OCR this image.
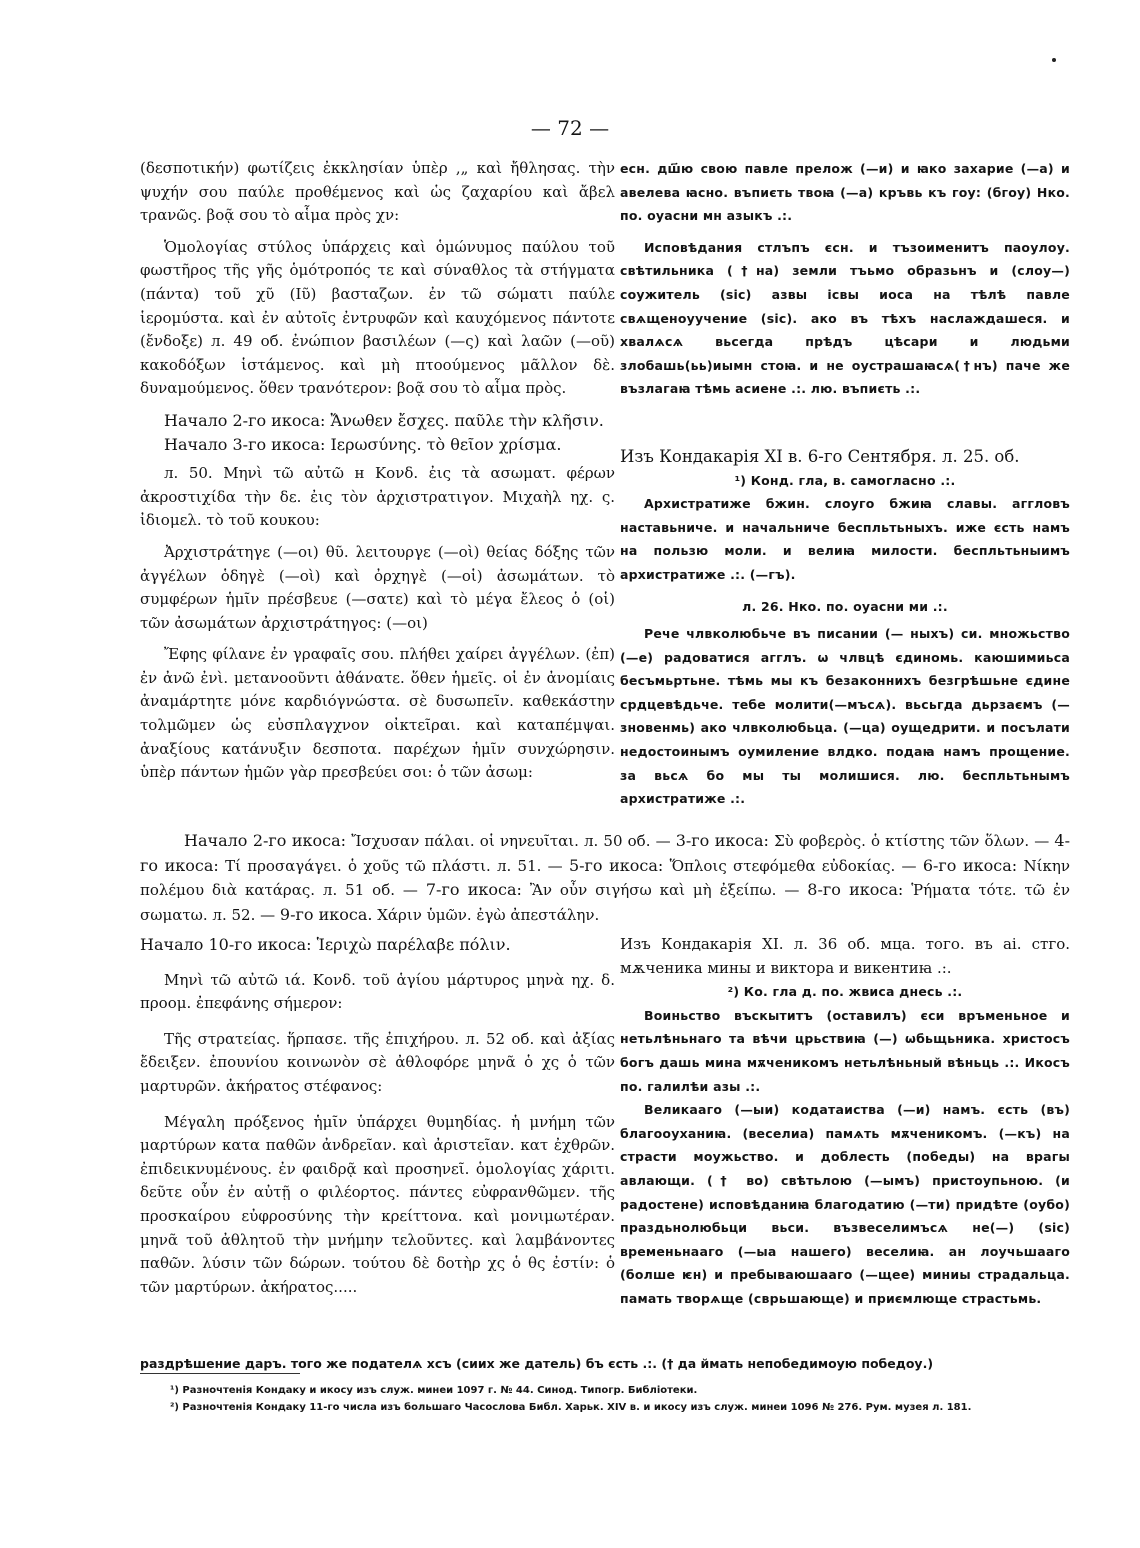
— 72 —

(δεσποτικήν) φωτίζεις ἐκκλησίαν ὑπὲρ ,„ καὶ ἤθλησας. τὴν ψυχήν σου παύλε προθέμενος καὶ ὡς ζαχαρίου καὶ ἄβελ τρανῶς. βοᾷ σου τὸ αἷμα πρὸς χν:

Ὁμολογίας στύλος ὑπάρχεις καὶ ὁμώνυμος παύλου τοῦ φωστῆρος τῆς γῆς ὁμότροπός τε καὶ σύναθλος τὰ στήγματα (πάντα) τοῦ χῦ (Ιῦ) βασταζων. ἐν τῶ σώματι παύλε ἱερομύστα. καὶ ἐν αὐτοῖς ἐντρυφῶν καὶ καυχόμενος πάντοτε (ἔνδοξε) л. 49 об. ἐνώπιον βασιλέων (—ς) καὶ λαῶν (—οῦ) κακοδόξων ἱστάμενος. καὶ μὴ πτοούμενος μᾶλλον δὲ. δυναμούμενος. ὅθεν τρανότερον: βοᾷ σου τὸ αἷμα πρὸς.

Начало 2-го икоса: Ἄνωθεν ἔσχες. παῦλε τὴν κλῆσιν.

Начало 3-го икоса: Ιερωσύνης. τὸ θεῖον χρίσμα.

л. 50. Μηνὶ τῶ αὐτῶ н Κονδ. ἐις τὰ ασωματ. φέρων ἀκροστιχίδα τὴν δε. ἐις τὸν ἀρχιστρατιγον. Μιχαὴλ ηχ. ς. ἰδιομελ. τὸ τοῦ κουκου:

Ἀρχιστράτηγε (—οι) θῦ. λειτουργε (—οὶ) θείας δόξης τῶν ἀγγέλων ὁδηγὲ (—οὶ) καὶ ὀρχηγὲ (—οἱ) ἀσωμάτων. τὸ συμφέρων ἡμῖν πρέσβευε (—σατε) καὶ τὸ μέγα ἔλεος ὁ (οἱ) τῶν ἀσωμάτων ἀρχιστράτηγος: (—οι)

Ἔφης φίλανε ἐν γραφαῖς σου. πλήθει χαίρει ἀγγέλων. (ἐπ) ἐν ἀνῶ ἐνὶ. μετανοοῦντι ἀθάνατε. ὅθεν ἡμεῖς. οἱ ἐν ἀνομίαις ἀναμάρτητε μόνε καρδιόγνώστα. σὲ δυσωπεῖν. καθεκάστην τολμῶμεν ὡς εὐσπλαγχνον οἰκτεῖραι. καὶ καταπέμψαι. ἀναξίους κατάνυξιν δεσποτα. παρέχων ἡμῖν συνχώρησιν. ὑπὲρ πάντων ἡμῶν γὰρ πρεσβεύει σοι: ὁ τῶν ἀσωμ:

есн. дш҃ю свою павле прелож (—и) и ꙗко захарие (—а) и авелева ꙗсно. въпиєть твоꙗ (—а) кръвь къ гоу: (бгоу) Нко. по. оуасни мн азыкъ .:.

Исповѣдания стлъпъ єсн. и тъзоименитъ паоулоу. свѣтильника (†на) земли тъьмо образьнъ и (слоу—) соужитель (sic) азвы ісвы иоса на тѣлѣ павле свѧщеноуучение (sic). ако въ тѣхъ наслаждашеся. и хвалѧсѧ вьсегда прѣдъ цѣсари и людьми злобашь(ьь)иымн стоꙗ. и не оустрашаꙗсѧ(†нъ) паче же възлагаꙗ тѣмь асиене .:. лю. въпиєть .:.

Изъ Кондакарія XI в. 6-го Сентября. л. 25. об.

¹) Конд. гла, в. самогласно .:.

Архистратиже бжин. слоуго бжиꙗ славы. аггловъ наставьниче. и начальниче беспльтьныхъ. иже єсть намъ на пользю моли. и велиꙗ милости. беспльтьныимъ архистратиже .:. (—гъ).

л. 26. Нко. по. оуасни ми .:.

Рече члвколюбьче въ писании (— ныхъ) си. множьство (—е) радоватися агглъ. ѡ члвцѣ єдиномь. каюшимиьса бесъмьртьне. тѣмь мы къ безаконнихъ безгрѣшьне єдине срдцевѣдьче. тебе молити(—мъсѧ). вьсьгда дьрзаємъ (—зновенмь) ако члвколюбьца. (—ца) оущедрити. и посълати недостоинымъ оумиление влдко. подаꙗ намъ прощение. за вьсѧ бо мы ты молишися. лю. беспльтьнымъ архистратиже .:.

Начало 2-го икоса: Ἴσχυσαν πάλαι. οἱ νηνευῖται. л. 50 об. — 3-го икоса: Σὺ φοβερὸς. ὁ κτίστης τῶν ὅλων. — 4-го икоса: Τί προσαγάγει. ὁ χοῦς τῶ πλάστι. л. 51. — 5-го икоса: Ὅπλοις στεφόμεθα εὐδοκίας. — 6-го икоса: Νίκην πολέμου διὰ κατάρας. л. 51 об. — 7-го икоса: Ἂν οὖν σιγήσω καὶ μὴ ἐξείπω. — 8-го икоса: Ῥήματα τότε. τῶ ἐν σωματω. л. 52. — 9-го икоса. Χάριν ὑμῶν. ἐγὼ ἀπεστάλην.

Начало 10-го икоса: Ἱεριχὼ παρέλαβε πόλιν.

Μηνὶ τῶ αὐτῶ ιά. Κονδ. τοῦ ἁγίου μάρτυρος μηνὰ ηχ. δ. προομ. ἐπεφάνης σήμερον:

Τῆς στρατείας. ἥρπασε. τῆς ἐπιχήρου. л. 52 об. καὶ ἀξίας ἔδειξεν. ἐπουνίου κοινωνὸν σὲ ἀθλοφόρε μηνᾶ ὁ χς ὁ τῶν μαρτυρῶν. ἀκήρατος στέφανος:

Μέγαλη πρόξενος ἡμῖν ὑπάρχει θυμηδίας. ἡ μνήμη τῶν μαρτύρων κατα παθῶν ἀνδρεῖαν. καὶ ἀριστεῖαν. κατ ἐχθρῶν. ἐπιδεικνυμένους. ἐν φαιδρᾷ καὶ προσηνεῖ. ὁμολογίας χάριτι. δεῦτε οὖν ἐν αὐτῇ ο φιλέορτος. πάντες εὐφρανθῶμεν. τῆς προσκαίρου εὐφροσύνης τὴν κρείττονα. καὶ μονιμωτέραν. μηνᾶ τοῦ ἀθλητοῦ τὴν μνήμην τελοῦντες. καὶ λαμβάνοντες παθῶν. λύσιν τῶν δώρων. τούτου δὲ δοτὴρ χς ὁ θς ἐστίν: ὁ τῶν μαρτύρων. ἀκήρατος.....

Изъ Кондакарія XI. л. 36 об. мца. того. въ ai. стго. мѫченика мины и виктора и викентиꙗ .:.

²) Ко. гла д. по. жвиса днесь .:.

Воиньство въскытитъ (оставилъ) єси връменьное и нетьлѣньнаго та вѣчи црьствиꙗ (—) ѡбьщьника. христосъ богъ дашь мина мѫченикомъ нетьлѣньный вѣньць .:. Икосъ по. галилѣи азы .:.

Великааго (—ыи) кодатаиства (—и) намъ. єсть (въ) благооуханиꙗ. (веселиа) памѧть мѫченикомъ. (—къ) на страсти моужьство. и доблесть (победы) на врагы авлающи. († во) свѣтьлою (—ымъ) пристоупьною. (и радостене) исповѣданиꙗ благодатию (—ти) придѣте (оубо) праздьнолюбьци вьси. възвеселимъсѧ не(—) (sic) временьнааго (—ыа нашего) веселиꙗ. ан лоучьшааго (болше ѥн) и пребываюшааго (—щее) миниы страдальца. памать творѧще (сврьшающе) и приємлюще страстьмь.

раздрѣшение даръ. того же подателѧ хсъ (сиих же датель) бъ єсть .:. († да ймать непобедимоую победоу.)

¹) Разночтенія Кондаку и икосу изъ служ. минеи 1097 г. № 44. Синод. Типогр. Библіотеки.

²) Разночтенія Кондаку 11-го числа изъ большаго Часослова Библ. Харьк. XIV в. и икосу изъ служ. минеи 1096 № 276. Рум. музея л. 181.
